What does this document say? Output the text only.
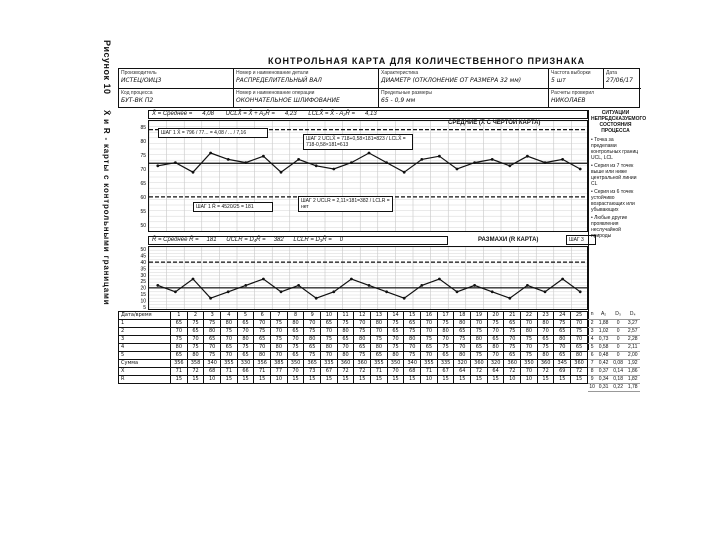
Рисунок 10
X̄ и R - карты с контрольными границами
КОНТРОЛЬНАЯ КАРТА ДЛЯ КОЛИЧЕСТВЕННОГО ПРИЗНАКА
Производитель
ИСТЕЦ/ОИЦ3
Номер и наименование детали
РАСПРЕДЕЛИТЕЛЬНЫЙ ВАЛ
Характеристика
ДИАМЕТР (ОТКЛОНЕНИЕ ОТ РАЗМЕРА 32 мм)
Частота выборки
5 шт
Дата
27/06/17
Код процесса
БУТ-ВК П2
Номер и наименование операции
ОКОНЧАТЕЛЬНОЕ ШЛИФОВАНИЕ
Предельные размеры
65 - 0,9 мм
Расчеты проверил
НИКОЛАЕВ
X̄ = Среднее = 4,08 UCLX̄ = X̄ + A₂R̄ = 4,23 LCLX̄ = X̄ - A₂R̄ = 4,13
СРЕДНИЕ (X̄ С ЧЕРТОЙ КАРТА)
85
80
75
70
65
60
55
50
ШАГ 1 X̄ = 796 / 77... = 4,08 / ... / 7,16
ШАГ 2 UCLX̄ = 718+0,58×181=823 / LCLX̄ = 718-0,58×181=613
ШАГ 1 R̄ = 4520/25 = 181
ШАГ 2 UCLR = 2,11×181=382 / LCLR = нет
R̄ = Среднее R̄ = 181 UCLR = D₄R̄ = 382 LCLR = D₃R̄ = 0	РАЗМАХИ (R КАРТА)	ШАГ 3
50
45
40
35
30
25
20
15
10
5
СИТУАЦИИ НЕПРЕДСКАЗУЕМОГО СОСТОЯНИЯ ПРОЦЕССА
• Точка за пределами контрольных границ UCL, LCL
• Серия из 7 точек выше или ниже центральной линии CL
• Серия из 6 точек устойчиво возрастающих или убывающих
• Любые другие проявления неслучайной природы
Дата/время	1	2	3	4	5	6	7	8	9	10	11	12	13	14	15	16	17	18	19	20	21	22	23	24	25
1	65	75	75	80	65	70	75	80	70	65	75	70	80	75	65	70	75	80	70	75	65	70	80	75	70
2	70	65	80	75	70	75	70	65	75	70	80	75	70	65	75	70	80	65	75	70	75	80	70	65	75
3	75	70	65	70	80	65	75	70	80	75	65	80	75	70	80	75	70	75	80	65	70	75	65	80	70
4	80	75	70	65	75	70	80	75	65	80	70	65	80	75	70	65	75	70	65	80	75	70	75	70	65
5	65	80	75	70	65	80	70	65	75	70	80	75	65	80	75	70	65	80	75	70	65	75	80	65	80
Сумма	356	358	340	355	330	356	385	350	365	335	360	360	355	350	340	355	335	320	360	320	360	350	360	345	360
X̄	71	72	68	71	66	71	77	70	73	67	72	72	71	70	68	71	67	64	72	64	72	70	72	69	72
R	15	15	10	15	15	15	10	15	15	15	15	15	15	15	15	10	15	15	15	15	10	10	15	15	15
n	A₂	D₃	D₄
2	1,88	0	3,27
3	1,02	0	2,57
4	0,73	0	2,28
5	0,58	0	2,11
6	0,48	0	2,00
7	0,42	0,08	1,92
8	0,37	0,14	1,86
9	0,34	0,18	1,82
10	0,31	0,22	1,78
